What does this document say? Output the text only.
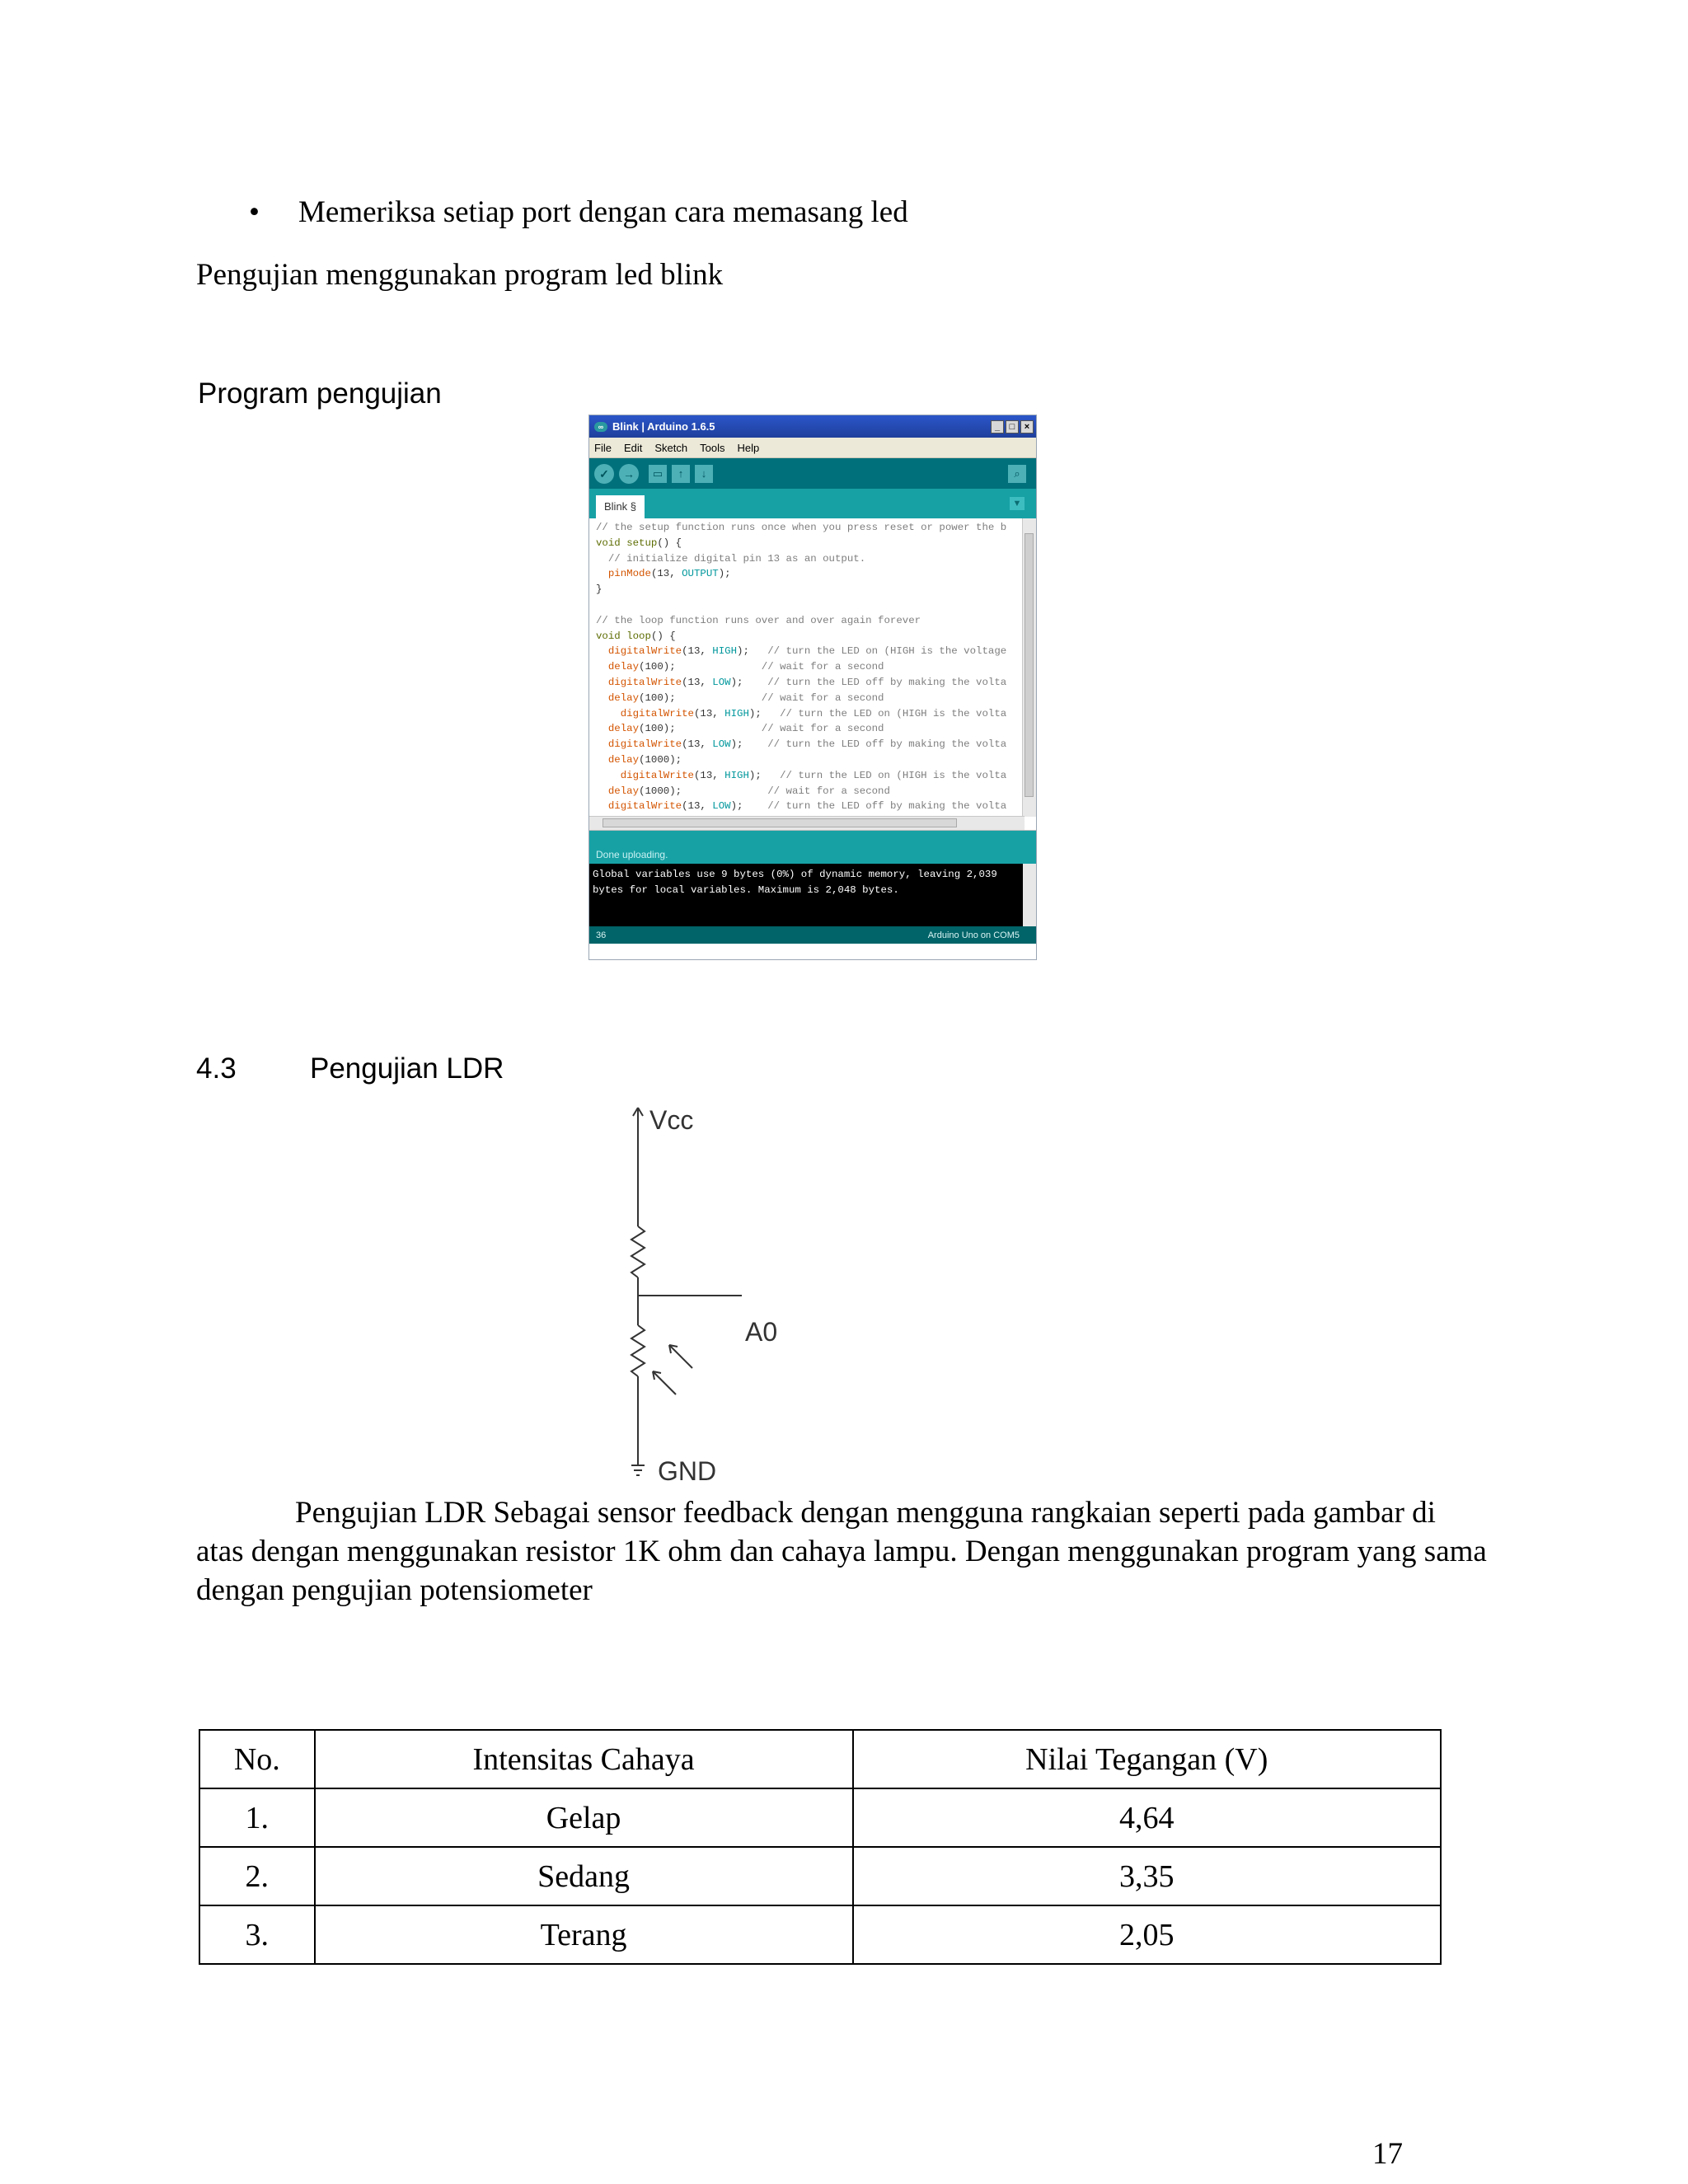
• Memeriksa setiap port dengan cara memasang led
Pengujian menggunakan program led blink
Program pengujian
∞ Blink | Arduino 1.6.5	_	□	×
File Edit Sketch Tools Help
✓	→	▭	↑	↓	⌕
Blink §	▼
// the setup function runs once when you press reset or power the b
void setup() {
// initialize digital pin 13 as an output.
pinMode(13, OUTPUT);
}
// the loop function runs over and over again forever
void loop() {
digitalWrite(13, HIGH);   // turn the LED on (HIGH is the voltage
delay(100);              // wait for a second
digitalWrite(13, LOW);    // turn the LED off by making the volta
delay(100);              // wait for a second
digitalWrite(13, HIGH);   // turn the LED on (HIGH is the volta
delay(100);              // wait for a second
digitalWrite(13, LOW);    // turn the LED off by making the volta
delay(1000);
digitalWrite(13, HIGH);   // turn the LED on (HIGH is the volta
delay(1000);              // wait for a second
digitalWrite(13, LOW);    // turn the LED off by making the volta
Done uploading.
Global variables use 9 bytes (0%) of dynamic memory, leaving 2,039
bytes for local variables. Maximum is 2,048 bytes.
36	Arduino Uno on COM5
4.3	Pengujian LDR
Vcc
A0
GND
Pengujian LDR Sebagai sensor feedback dengan mengguna rangkaian seperti pada gambar di atas dengan menggunakan resistor 1K ohm dan cahaya lampu. Dengan menggunakan program yang sama dengan pengujian potensiometer
No.	Intensitas Cahaya	Nilai Tegangan (V)
1.	Gelap	4,64
2.	Sedang	3,35
3.	Terang	2,05
17
